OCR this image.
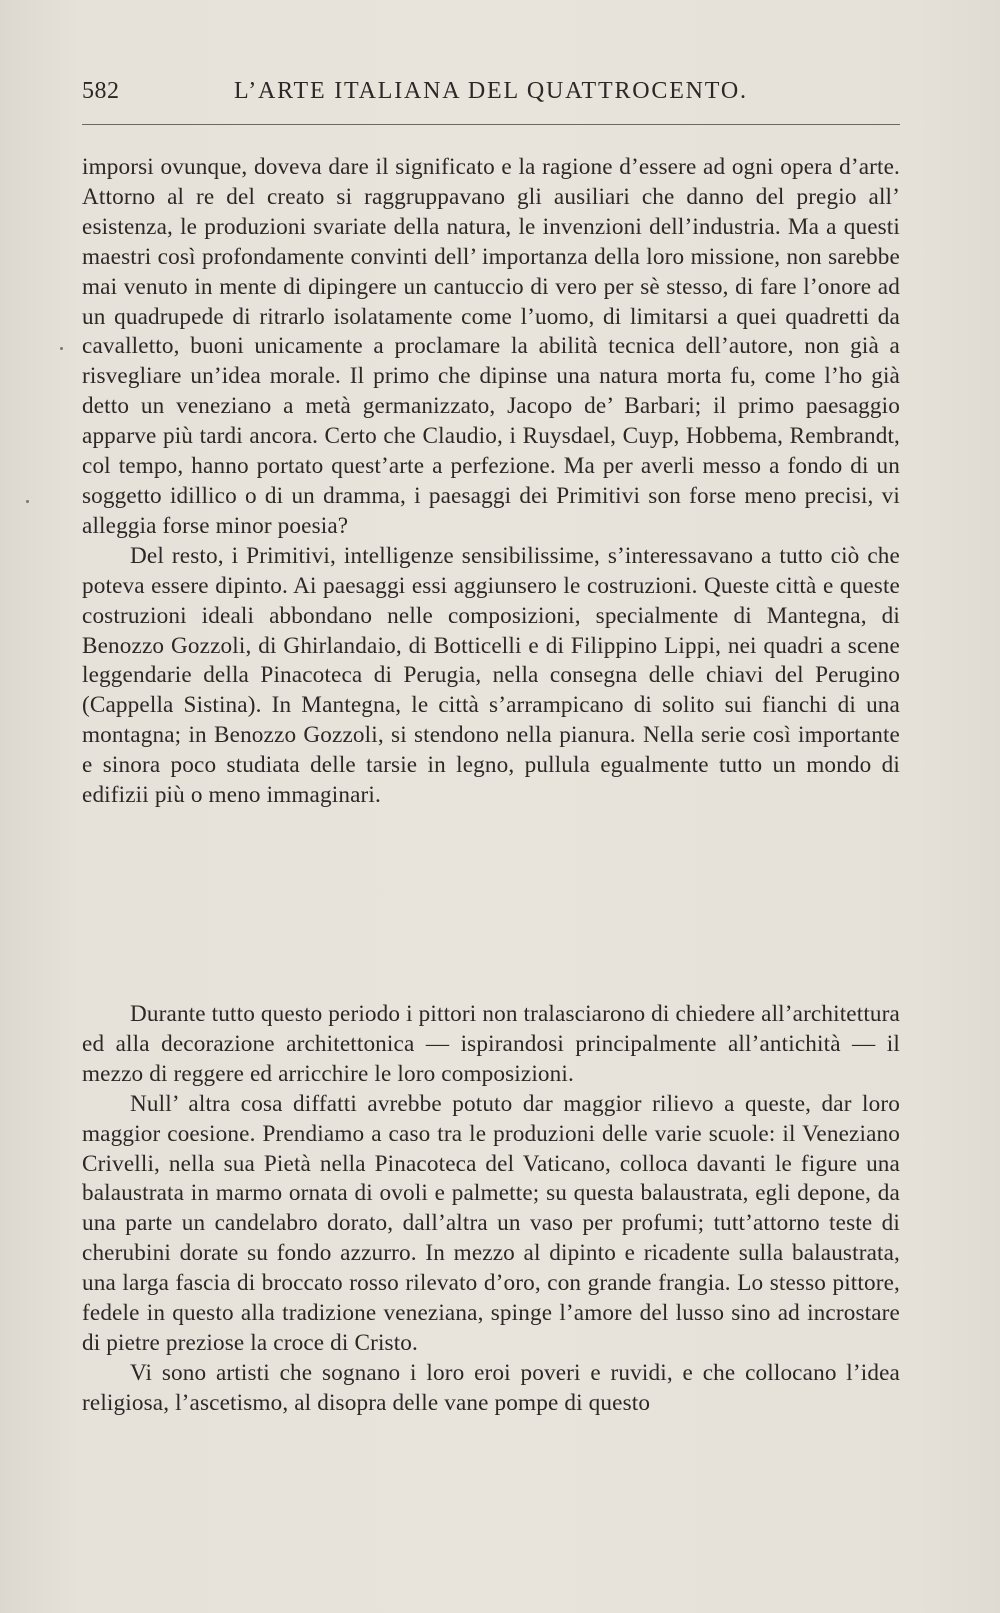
582	L’ARTE ITALIANA DEL QUATTROCENTO.

imporsi ovunque, doveva dare il significato e la ragione d’essere ad ogni opera d’arte. Attorno al re del creato si raggruppavano gli ausiliari che danno del pregio all’ esistenza, le produzioni svariate della natura, le invenzioni dell’industria. Ma a questi maestri così profondamente convinti dell’ importanza della loro missione, non sarebbe mai venuto in mente di dipingere un cantuccio di vero per sè stesso, di fare l’onore ad un quadrupede di ritrarlo isolatamente come l’uomo, di limitarsi a quei quadretti da cavalletto, buoni unicamente a proclamare la abilità tecnica dell’autore, non già a risvegliare un’idea morale. Il primo che dipinse una natura morta fu, come l’ho già detto un veneziano a metà germanizzato, Jacopo de’ Barbari; il primo paesaggio apparve più tardi ancora. Certo che Claudio, i Ruysdael, Cuyp, Hobbema, Rembrandt, col tempo, hanno portato quest’arte a perfezione. Ma per averli messo a fondo di un soggetto idillico o di un dramma, i paesaggi dei Primitivi son forse meno precisi, vi alleggia forse minor poesia?

Del resto, i Primitivi, intelligenze sensibilissime, s’interessavano a tutto ciò che poteva essere dipinto. Ai paesaggi essi aggiunsero le costruzioni. Queste città e queste costruzioni ideali abbondano nelle composizioni, specialmente di Mantegna, di Benozzo Gozzoli, di Ghirlandaio, di Botticelli e di Filippino Lippi, nei quadri a scene leggendarie della Pinacoteca di Perugia, nella consegna delle chiavi del Perugino (Cappella Sistina). In Mantegna, le città s’arrampicano di solito sui fianchi di una montagna; in Benozzo Gozzoli, si stendono nella pianura. Nella serie così importante e sinora poco studiata delle tarsie in legno, pullula egualmente tutto un mondo di edifizii più o meno immaginari.

Durante tutto questo periodo i pittori non tralasciarono di chiedere all’architettura ed alla decorazione architettonica — ispirandosi principalmente all’antichità — il mezzo di reggere ed arricchire le loro composizioni.

Null’ altra cosa diffatti avrebbe potuto dar maggior rilievo a queste, dar loro maggior coesione. Prendiamo a caso tra le produzioni delle varie scuole: il Veneziano Crivelli, nella sua Pietà nella Pinacoteca del Vaticano, colloca davanti le figure una balaustrata in marmo ornata di ovoli e palmette; su questa balaustrata, egli depone, da una parte un candelabro dorato, dall’altra un vaso per profumi; tutt’attorno teste di cherubini dorate su fondo azzurro. In mezzo al dipinto e ricadente sulla balaustrata, una larga fascia di broccato rosso rilevato d’oro, con grande frangia. Lo stesso pittore, fedele in questo alla tradizione veneziana, spinge l’amore del lusso sino ad incrostare di pietre preziose la croce di Cristo.

Vi sono artisti che sognano i loro eroi poveri e ruvidi, e che collocano l’idea religiosa, l’ascetismo, al disopra delle vane pompe di questo
